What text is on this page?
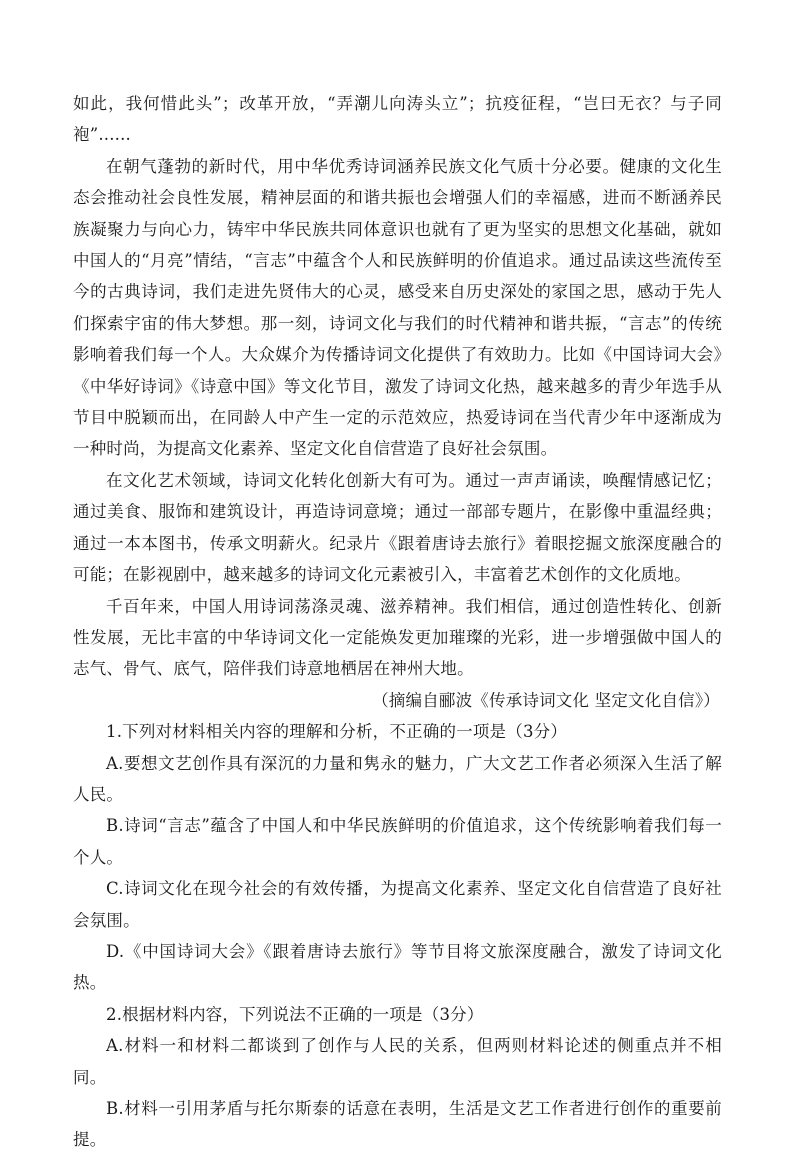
如此，我何惜此头”；改革开放，“弄潮儿向涛头立”；抗疫征程，“岂曰无衣？与子同袍”......

在朝气蓬勃的新时代，用中华优秀诗词涵养民族文化气质十分必要。健康的文化生态会推动社会良性发展，精神层面的和谐共振也会增强人们的幸福感，进而不断涵养民族凝聚力与向心力，铸牢中华民族共同体意识也就有了更为坚实的思想文化基础，就如中国人的“月亮”情结，“言志”中蕴含个人和民族鲜明的价值追求。通过品读这些流传至今的古典诗词，我们走进先贤伟大的心灵，感受来自历史深处的家国之思，感动于先人们探索宇宙的伟大梦想。那一刻，诗词文化与我们的时代精神和谐共振，“言志”的传统影响着我们每一个人。大众媒介为传播诗词文化提供了有效助力。比如《中国诗词大会》《中华好诗词》《诗意中国》等文化节目，激发了诗词文化热，越来越多的青少年选手从节目中脱颖而出，在同龄人中产生一定的示范效应，热爱诗词在当代青少年中逐渐成为一种时尚，为提高文化素养、坚定文化自信营造了良好社会氛围。

在文化艺术领域，诗词文化转化创新大有可为。通过一声声诵读，唤醒情感记忆；通过美食、服饰和建筑设计，再造诗词意境；通过一部部专题片，在影像中重温经典；通过一本本图书，传承文明薪火。纪录片《跟着唐诗去旅行》着眼挖掘文旅深度融合的可能；在影视剧中，越来越多的诗词文化元素被引入，丰富着艺术创作的文化质地。

千百年来，中国人用诗词荡涤灵魂、滋养精神。我们相信，通过创造性转化、创新性发展，无比丰富的中华诗词文化一定能焕发更加璀璨的光彩，进一步增强做中国人的志气、骨气、底气，陪伴我们诗意地栖居在神州大地。

（摘编自郦波《传承诗词文化 坚定文化自信》）

1.下列对材料相关内容的理解和分析，不正确的一项是（3分）

A.要想文艺创作具有深沉的力量和隽永的魅力，广大文艺工作者必须深入生活了解人民。

B.诗词“言志”蕴含了中国人和中华民族鲜明的价值追求，这个传统影响着我们每一个人。

C.诗词文化在现今社会的有效传播，为提高文化素养、坚定文化自信营造了良好社会氛围。

D.《中国诗词大会》《跟着唐诗去旅行》等节目将文旅深度融合，激发了诗词文化热。

2.根据材料内容，下列说法不正确的一项是（3分）

A.材料一和材料二都谈到了创作与人民的关系，但两则材料论述的侧重点并不相同。

B.材料一引用茅盾与托尔斯泰的话意在表明，生活是文艺工作者进行创作的重要前提。
